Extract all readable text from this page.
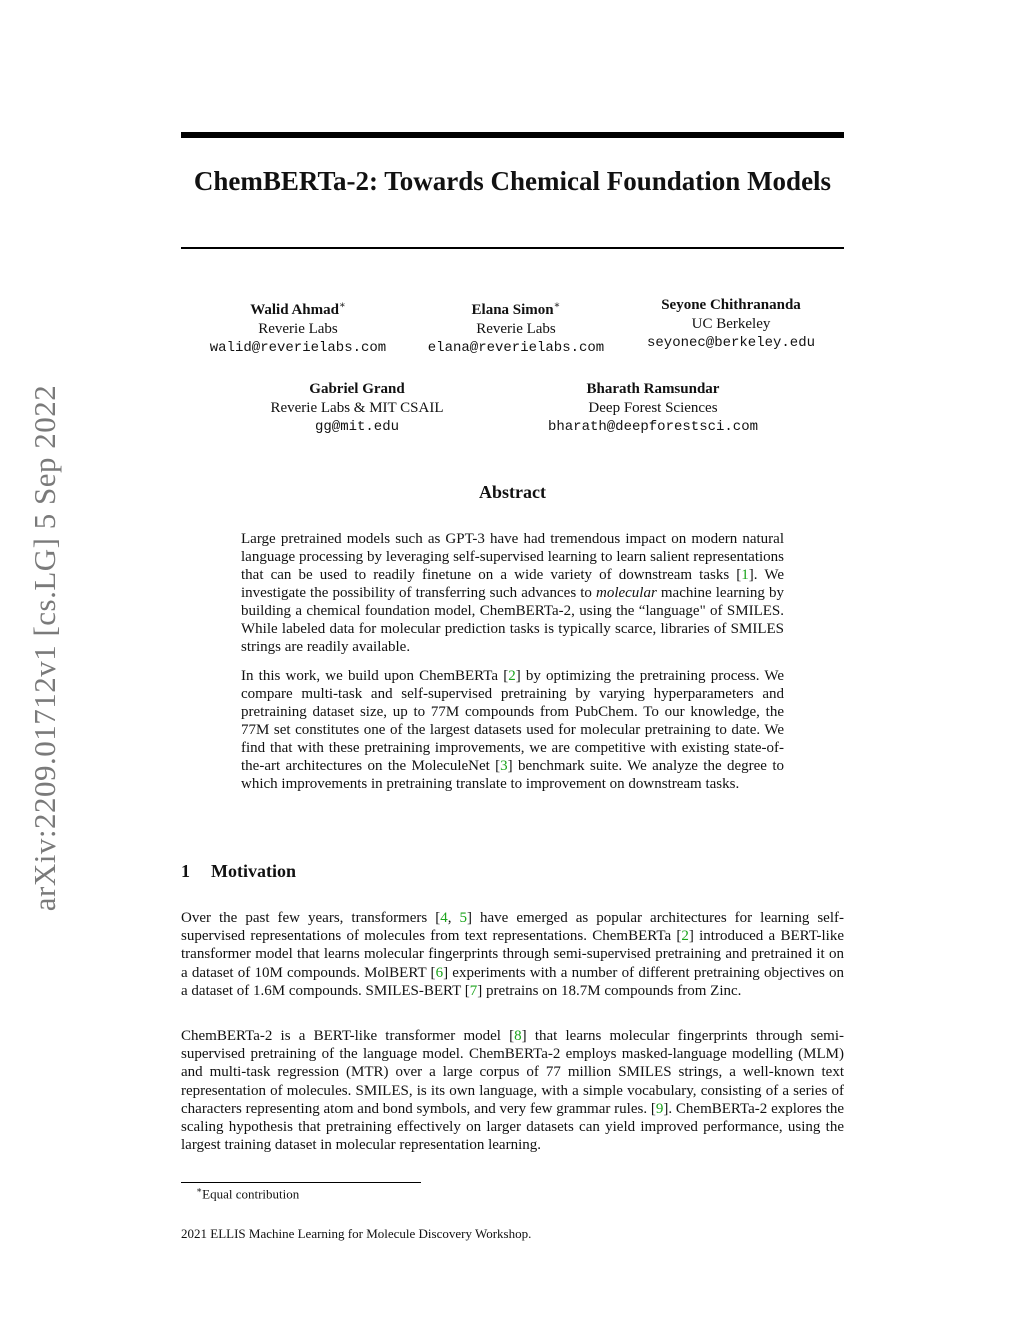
arXiv:2209.01712v1 [cs.LG] 5 Sep 2022
ChemBERTa-2: Towards Chemical Foundation Models
Walid Ahmad∗
Reverie Labs
walid@reverielabs.com
Elana Simon∗
Reverie Labs
elana@reverielabs.com
Seyone Chithrananda
UC Berkeley
seyonec@berkeley.edu
Gabriel Grand
Reverie Labs & MIT CSAIL
gg@mit.edu
Bharath Ramsundar
Deep Forest Sciences
bharath@deepforestsci.com
Abstract
Large pretrained models such as GPT-3 have had tremendous impact on modern natural language processing by leveraging self-supervised learning to learn salient representations that can be used to readily finetune on a wide variety of downstream tasks [1]. We investigate the possibility of transferring such advances to molecular machine learning by building a chemical foundation model, ChemBERTa-2, using the “language" of SMILES. While labeled data for molecular prediction tasks is typically scarce, libraries of SMILES strings are readily available.
In this work, we build upon ChemBERTa [2] by optimizing the pretraining process. We compare multi-task and self-supervised pretraining by varying hyperparameters and pretraining dataset size, up to 77M compounds from PubChem. To our knowledge, the 77M set constitutes one of the largest datasets used for molecular pretraining to date. We find that with these pretraining improvements, we are competitive with existing state-of-the-art architectures on the MoleculeNet [3] benchmark suite. We analyze the degree to which improvements in pretraining translate to improvement on downstream tasks.
1 Motivation
Over the past few years, transformers [4, 5] have emerged as popular architectures for learning self-supervised representations of molecules from text representations. ChemBERTa [2] introduced a BERT-like transformer model that learns molecular fingerprints through semi-supervised pretraining and pretrained it on a dataset of 10M compounds. MolBERT [6] experiments with a number of different pretraining objectives on a dataset of 1.6M compounds. SMILES-BERT [7] pretrains on 18.7M compounds from Zinc.
ChemBERTa-2 is a BERT-like transformer model [8] that learns molecular fingerprints through semi-supervised pretraining of the language model. ChemBERTa-2 employs masked-language modelling (MLM) and multi-task regression (MTR) over a large corpus of 77 million SMILES strings, a well-known text representation of molecules. SMILES, is its own language, with a simple vocabulary, consisting of a series of characters representing atom and bond symbols, and very few grammar rules. [9]. ChemBERTa-2 explores the scaling hypothesis that pretraining effectively on larger datasets can yield improved performance, using the largest training dataset in molecular representation learning.
∗Equal contribution
2021 ELLIS Machine Learning for Molecule Discovery Workshop.
